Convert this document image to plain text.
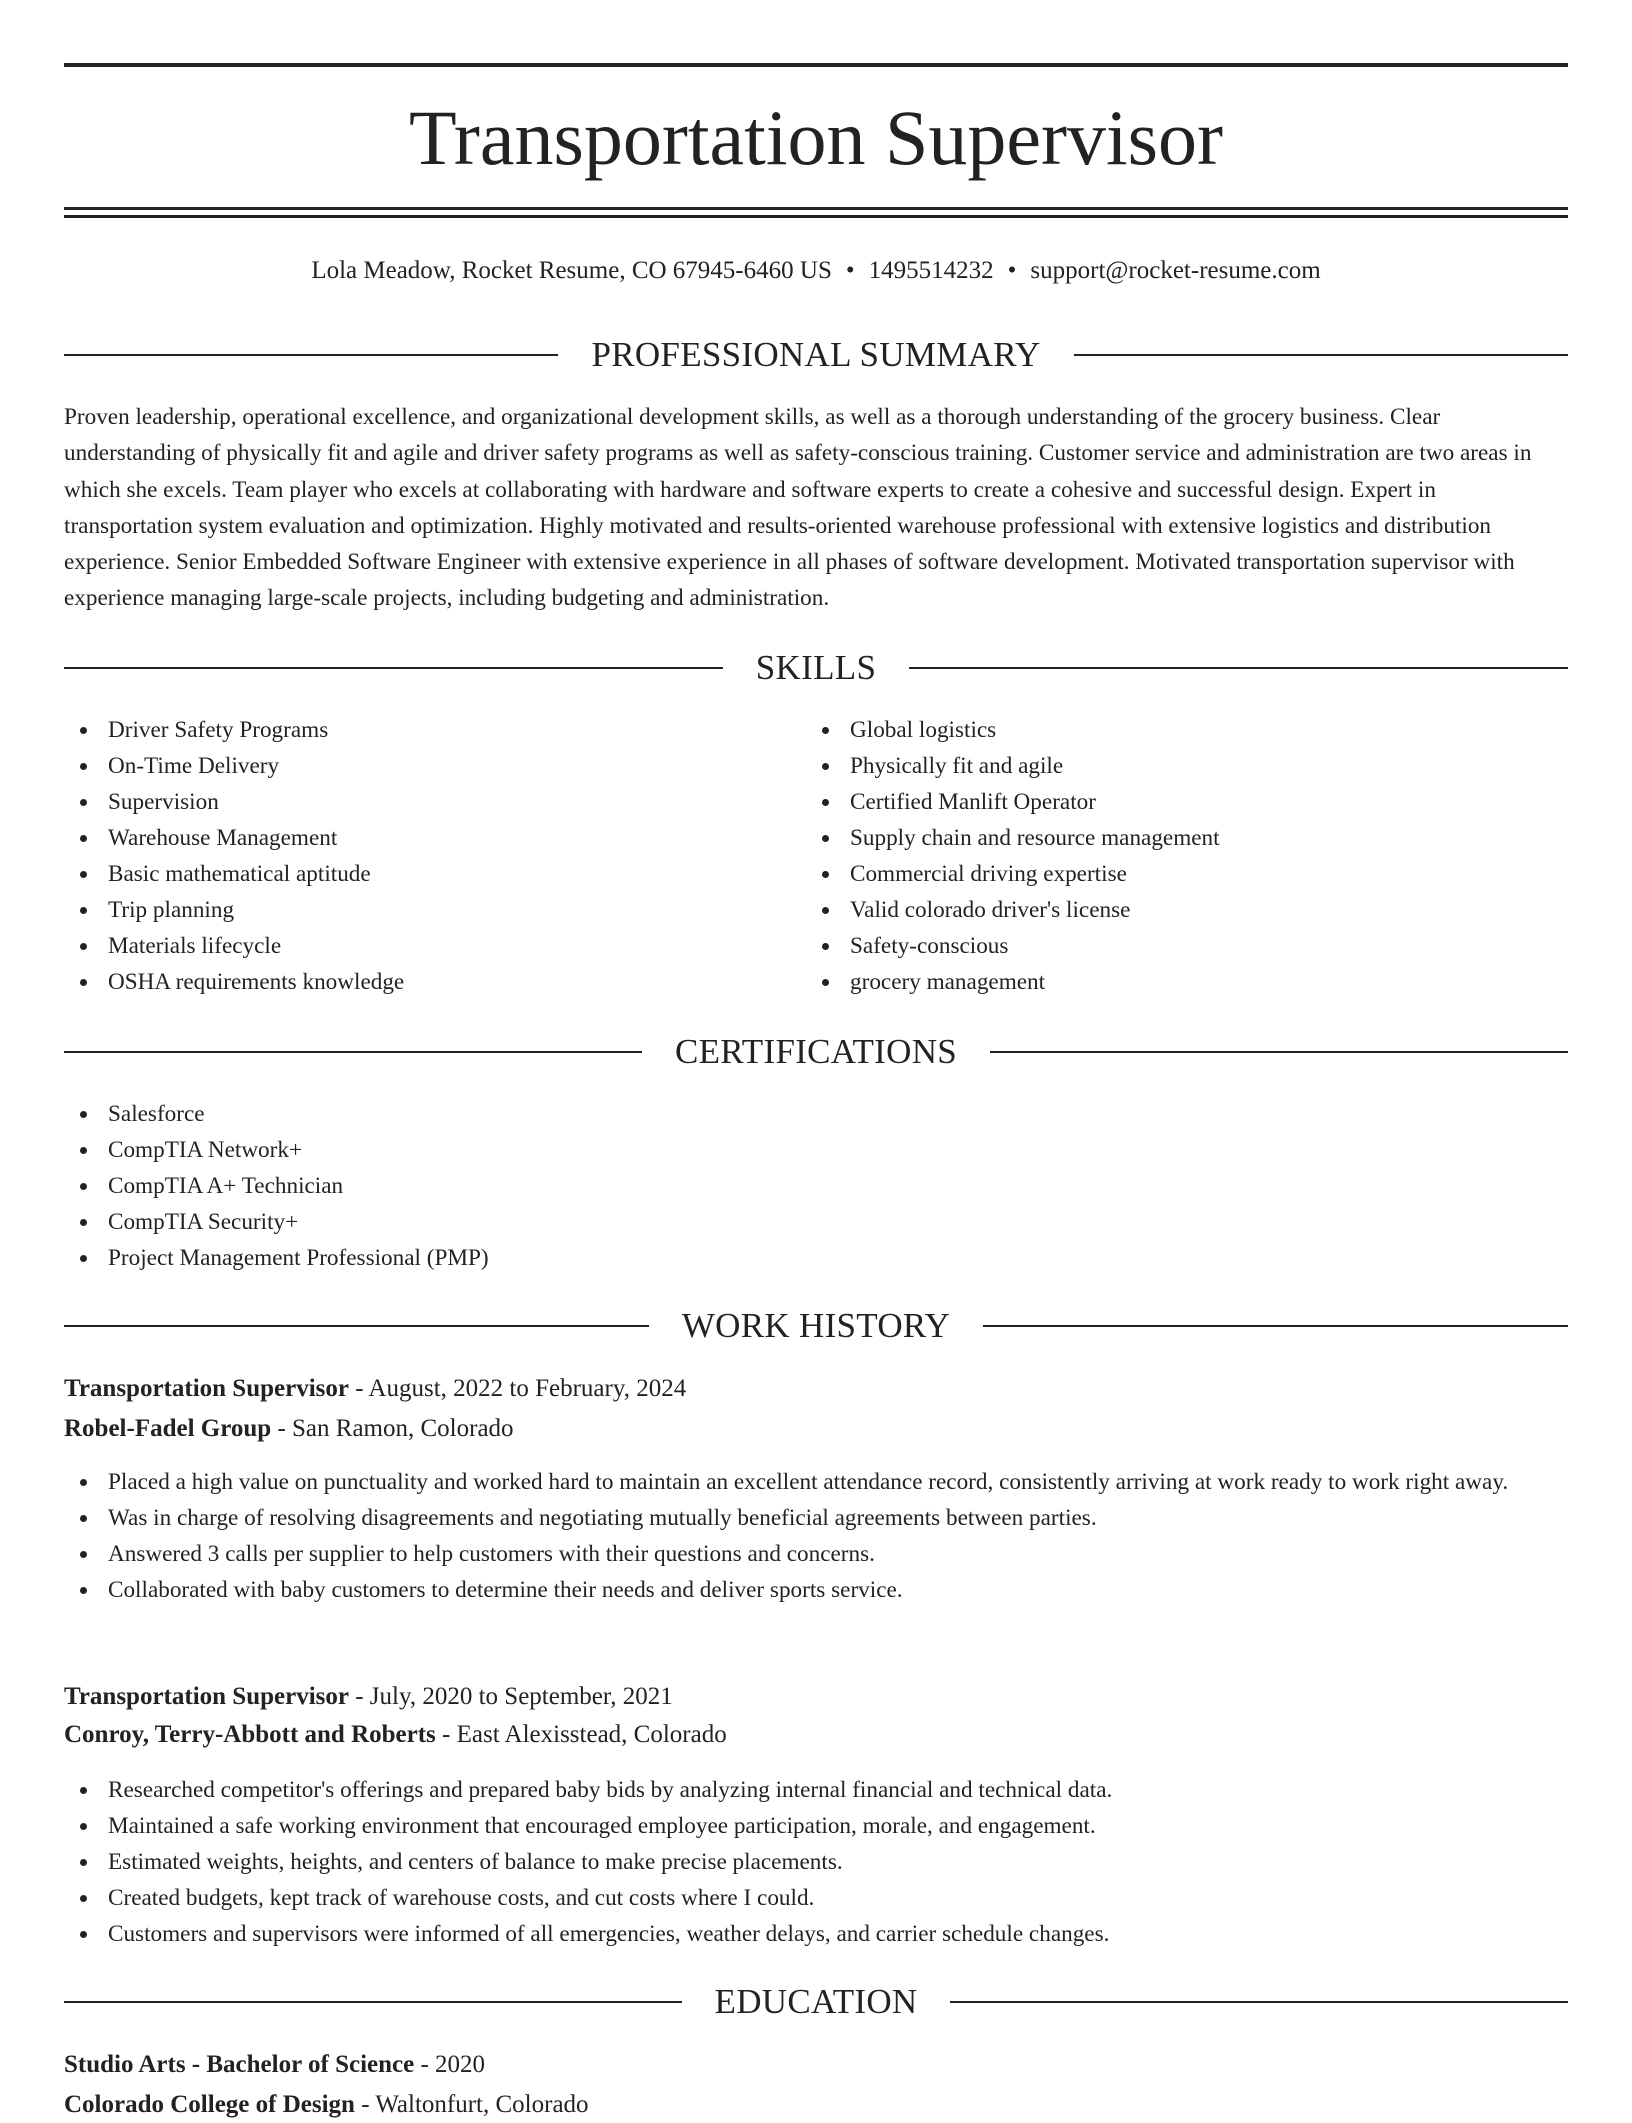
Transportation Supervisor
Lola Meadow, Rocket Resume, CO 67945-6460 US • 1495514232 • support@rocket-resume.com
PROFESSIONAL SUMMARY

Proven leadership, operational excellence, and organizational development skills, as well as a thorough understanding of the grocery business. Clear understanding of physically fit and agile and driver safety programs as well as safety-conscious training. Customer service and administration are two areas in which she excels. Team player who excels at collaborating with hardware and software experts to create a cohesive and successful design. Expert in transportation system evaluation and optimization. Highly motivated and results-oriented warehouse professional with extensive logistics and distribution experience. Senior Embedded Software Engineer with extensive experience in all phases of software development. Motivated transportation supervisor with experience managing large-scale projects, including budgeting and administration.

SKILLS
Driver Safety Programs
On-Time Delivery
Supervision
Warehouse Management
Basic mathematical aptitude
Trip planning
Materials lifecycle
OSHA requirements knowledge
Global logistics
Physically fit and agile
Certified Manlift Operator
Supply chain and resource management
Commercial driving expertise
Valid colorado driver's license
Safety-conscious
grocery management
CERTIFICATIONS
Salesforce
CompTIA Network+
CompTIA A+ Technician
CompTIA Security+
Project Management Professional (PMP)
WORK HISTORY
Transportation Supervisor - August, 2022 to February, 2024
Robel-Fadel Group - San Ramon, Colorado
Placed a high value on punctuality and worked hard to maintain an excellent attendance record, consistently arriving at work ready to work right away.
Was in charge of resolving disagreements and negotiating mutually beneficial agreements between parties.
Answered 3 calls per supplier to help customers with their questions and concerns.
Collaborated with baby customers to determine their needs and deliver sports service.
Transportation Supervisor - July, 2020 to September, 2021
Conroy, Terry-Abbott and Roberts - East Alexisstead, Colorado
Researched competitor's offerings and prepared baby bids by analyzing internal financial and technical data.
Maintained a safe working environment that encouraged employee participation, morale, and engagement.
Estimated weights, heights, and centers of balance to make precise placements.
Created budgets, kept track of warehouse costs, and cut costs where I could.
Customers and supervisors were informed of all emergencies, weather delays, and carrier schedule changes.
EDUCATION
Studio Arts - Bachelor of Science - 2020
Colorado College of Design - Waltonfurt, Colorado
